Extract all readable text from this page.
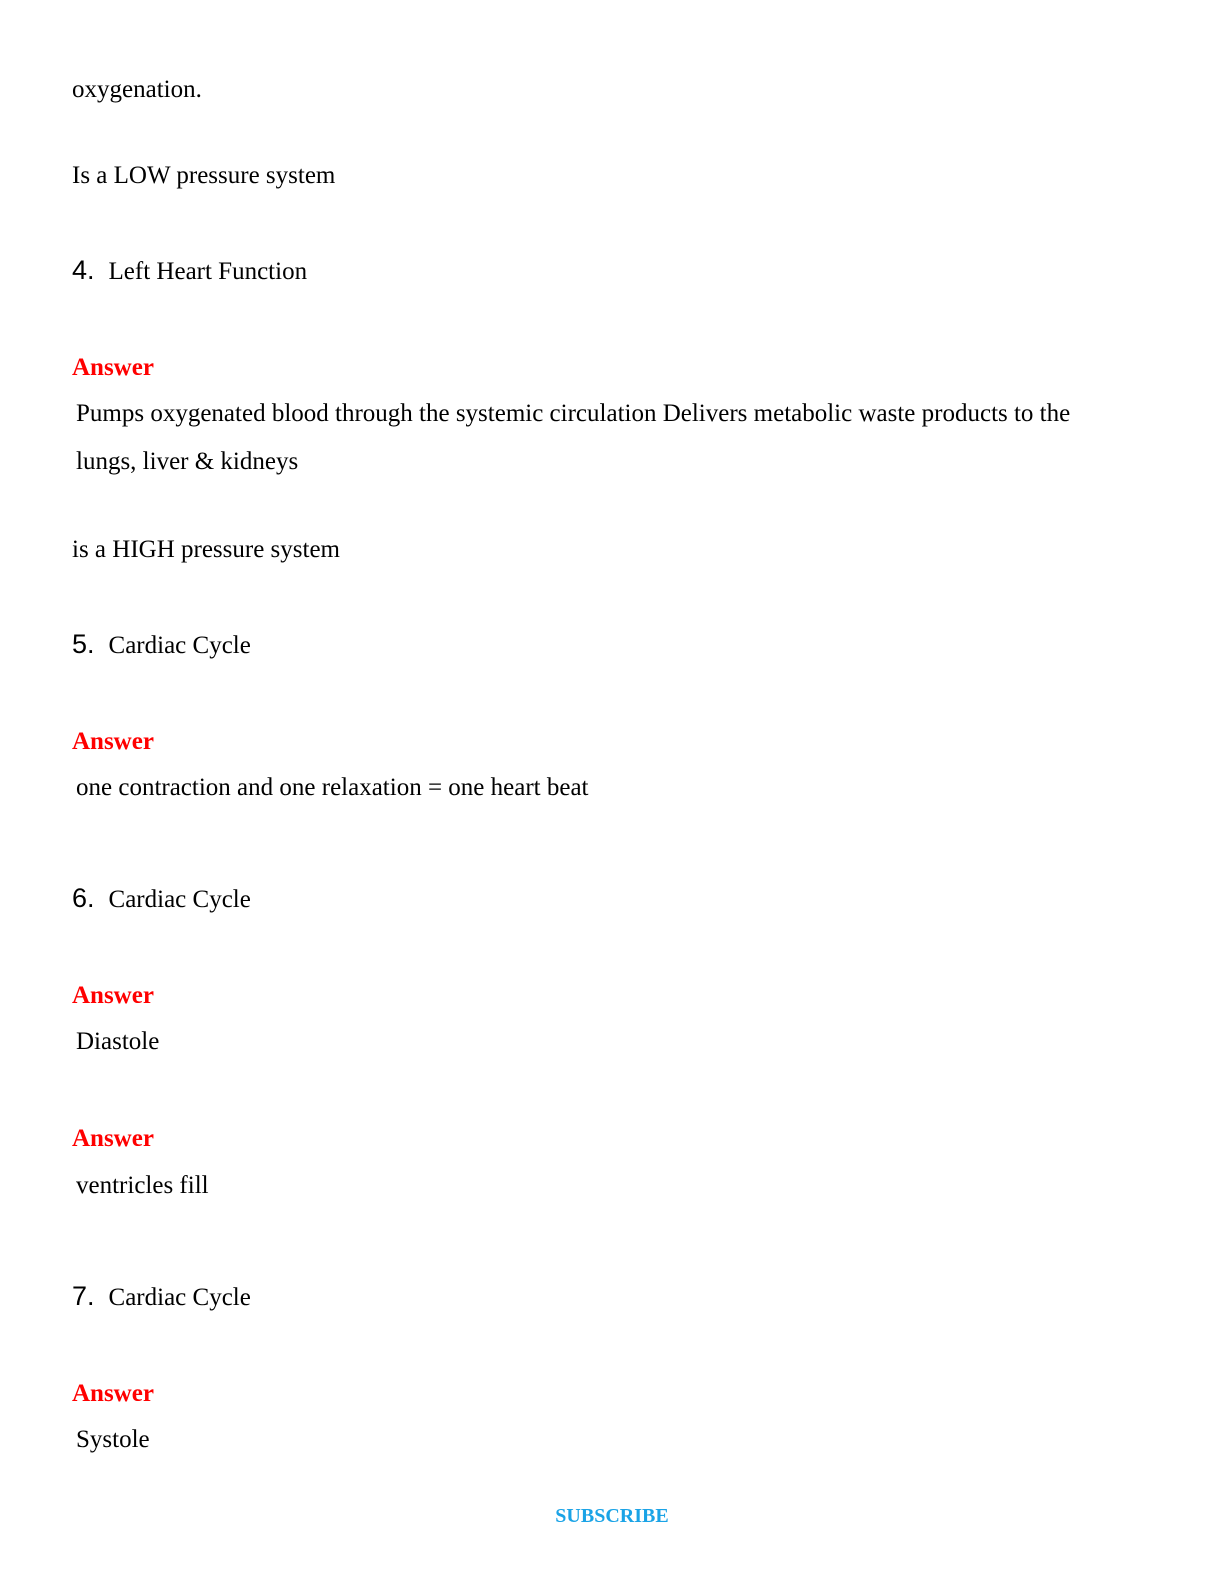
oxygenation.
Is a LOW pressure system
4. Left Heart Function
Answer
Pumps oxygenated blood through the systemic circulation Delivers metabolic waste products to the lungs, liver & kidneys
is a HIGH pressure system
5. Cardiac Cycle
Answer
one contraction and one relaxation = one heart beat
6. Cardiac Cycle
Answer
Diastole
Answer
ventricles fill
7. Cardiac Cycle
Answer
Systole
SUBSCRIBE
